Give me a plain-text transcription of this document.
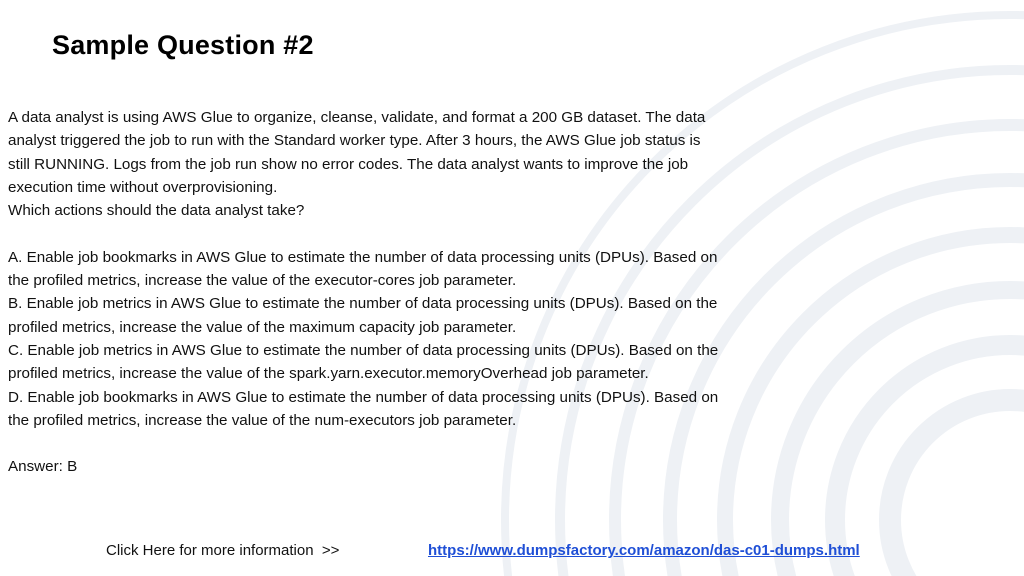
Sample Question #2

A data analyst is using AWS Glue to organize, cleanse, validate, and format a 200 GB dataset. The data

analyst triggered the job to run with the Standard worker type. After 3 hours, the AWS Glue job status is

still RUNNING. Logs from the job run show no error codes. The data analyst wants to improve the job

execution time without overprovisioning.

Which actions should the data analyst take?

A. Enable job bookmarks in AWS Glue to estimate the number of data processing units (DPUs). Based on

the profiled metrics, increase the value of the executor-cores job parameter.

B. Enable job metrics in AWS Glue to estimate the number of data processing units (DPUs). Based on the

profiled metrics, increase the value of the maximum capacity job parameter.

C. Enable job metrics in AWS Glue to estimate the number of data processing units (DPUs). Based on the

profiled metrics, increase the value of the spark.yarn.executor.memoryOverhead job parameter.

D. Enable job bookmarks in AWS Glue to estimate the number of data processing units (DPUs). Based on

the profiled metrics, increase the value of the num-executors job parameter.

Answer: B

Click Here for more information  >>	https://www.dumpsfactory.com/amazon/das-c01-dumps.html
